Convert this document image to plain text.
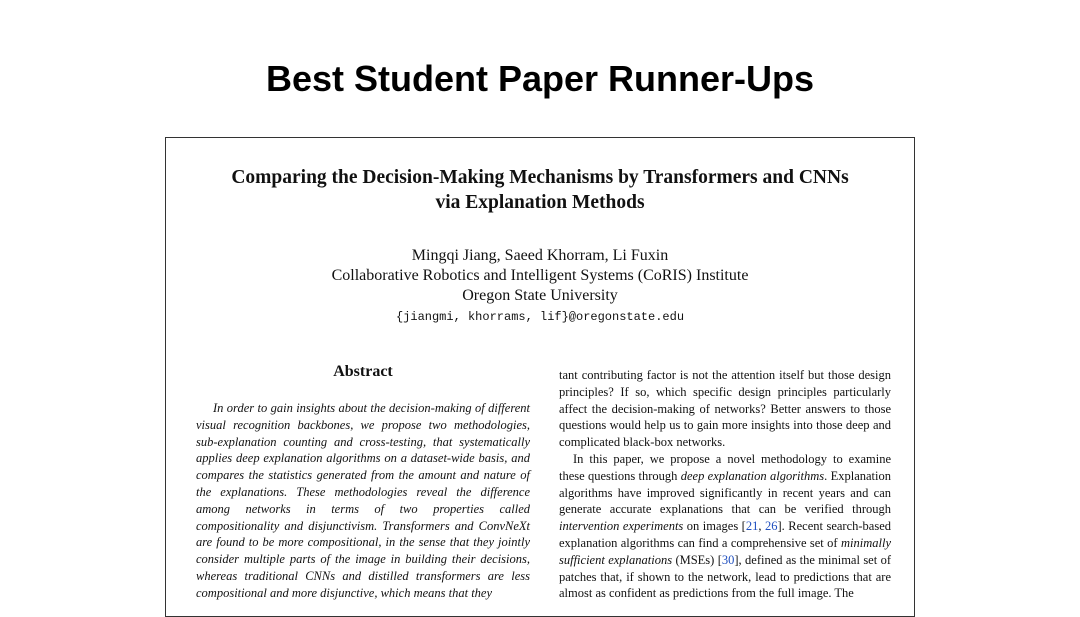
Best Student Paper Runner-Ups
Comparing the Decision-Making Mechanisms by Transformers and CNNs
via Explanation Methods
Mingqi Jiang, Saeed Khorram, Li Fuxin
Collaborative Robotics and Intelligent Systems (CoRIS) Institute
Oregon State University
{jiangmi, khorrams, lif}@oregonstate.edu
Abstract
In order to gain insights about the decision-making of different visual recognition backbones, we propose two methodologies, sub-explanation counting and cross-testing, that systematically applies deep explanation algorithms on a dataset-wide basis, and compares the statistics generated from the amount and nature of the explanations. These methodologies reveal the difference among networks in terms of two properties called compositionality and disjunctivism. Transformers and ConvNeXt are found to be more compositional, in the sense that they jointly consider multiple parts of the image in building their decisions, whereas traditional CNNs and distilled transformers are less compositional and more disjunctive, which means that they

tant contributing factor is not the attention itself but those design principles? If so, which specific design principles particularly affect the decision-making of networks? Better answers to those questions would help us to gain more insights into those deep and complicated black-box networks.

In this paper, we propose a novel methodology to examine these questions through deep explanation algorithms. Explanation algorithms have improved significantly in recent years and can generate accurate explanations that can be verified through intervention experiments on images [21, 26]. Recent search-based explanation algorithms can find a comprehensive set of minimally sufficient explanations (MSEs) [30], defined as the minimal set of patches that, if shown to the network, lead to predictions that are almost as confident as predictions from the full image. The
